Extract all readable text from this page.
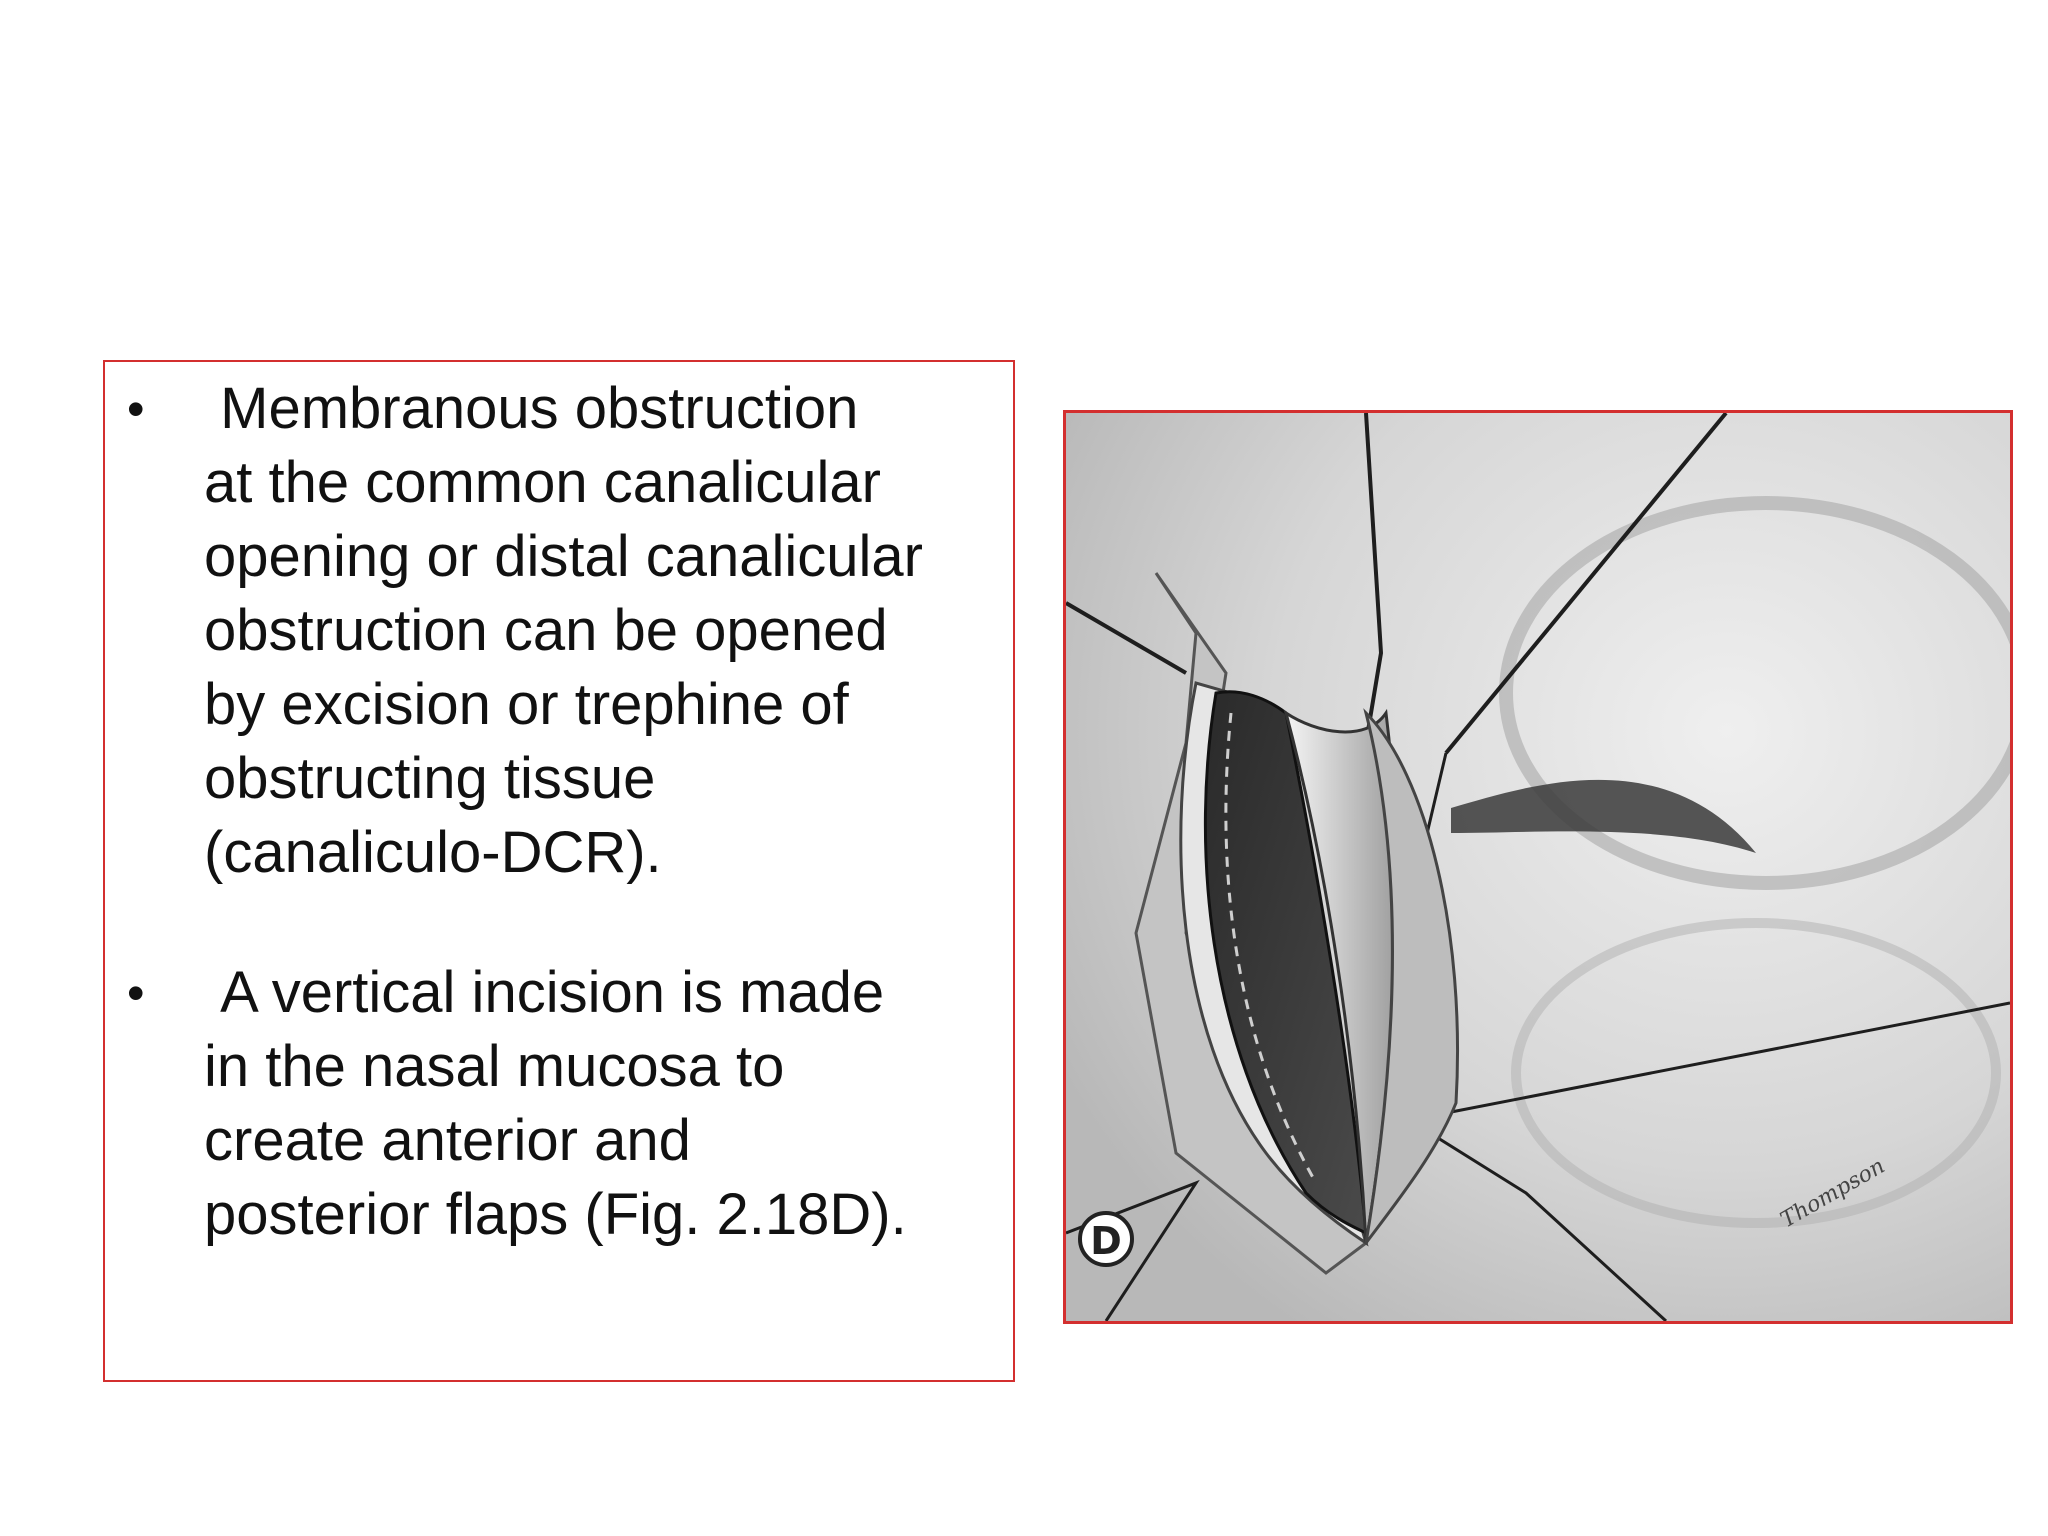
• Membranous obstruction
at the common canalicular
opening or distal canalicular
obstruction can be opened
by excision or trephine of
obstructing tissue
(canaliculo-DCR).
• A vertical incision is made
in the nasal mucosa to
create anterior and
posterior flaps (Fig. 2.18D).	D
Thompson
